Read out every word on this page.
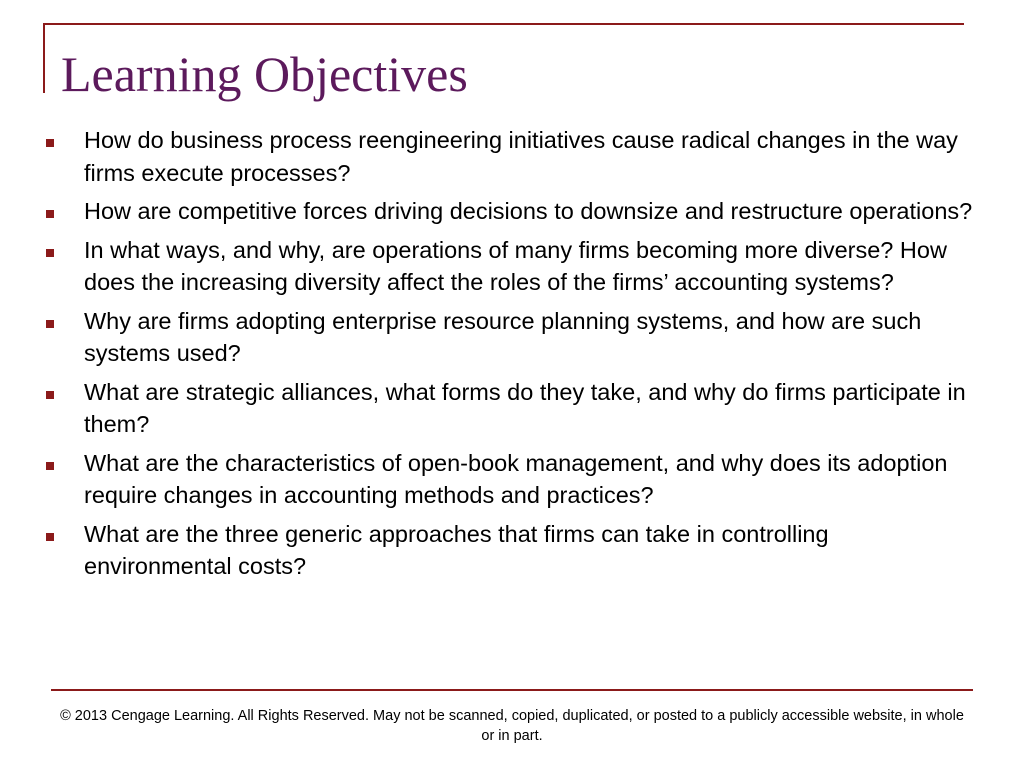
Learning Objectives
How do business process reengineering initiatives cause radical changes in the way firms execute processes?
How are competitive forces driving decisions to downsize and restructure operations?
In what ways, and why, are operations of many firms becoming more diverse? How does the increasing diversity affect the roles of the firms’ accounting systems?
Why are firms adopting enterprise resource planning systems, and how are such systems used?
What are strategic alliances, what forms do they take, and why do firms participate in them?
What are the characteristics of open-book management, and why does its adoption require changes in accounting methods and practices?
What are the three generic approaches that firms can take in controlling environmental costs?
© 2013 Cengage Learning. All Rights Reserved. May not be scanned, copied, duplicated, or posted to a publicly accessible website, in whole or in part.
